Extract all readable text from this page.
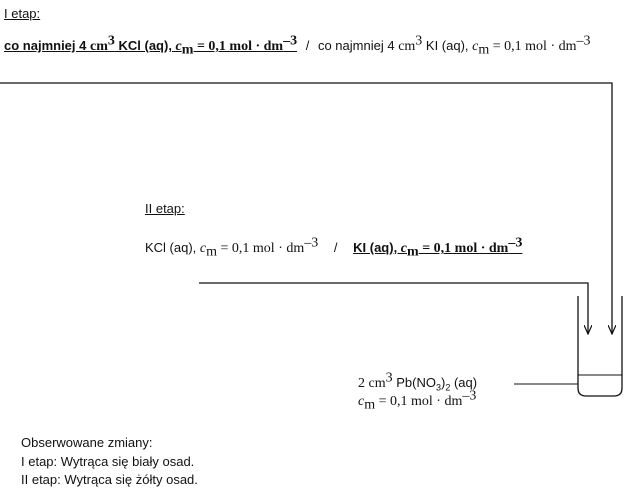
I etap:
co najmniej 4 $cm^3$ KCl (aq), $c_m = 0,1$ mol · $dm^{-3}$ / co najmniej 4 $cm^3$ KI (aq), $c_m = 0,1$ mol · $dm^{-3}$
II etap:
KCl (aq), $c_m = 0,1$ mol · $dm^{-3}$ / KI (aq), $c_m = 0,1$ mol · $dm^{-3}$
2 $cm^3$ $Pb(NO_3)_2$ (aq)
$c_m = 0,1$ mol · $dm^{-3}$
Obserwowane zmiany:
I etap: Wytrąca się biały osad.
II etap: Wytrąca się żółty osad.
